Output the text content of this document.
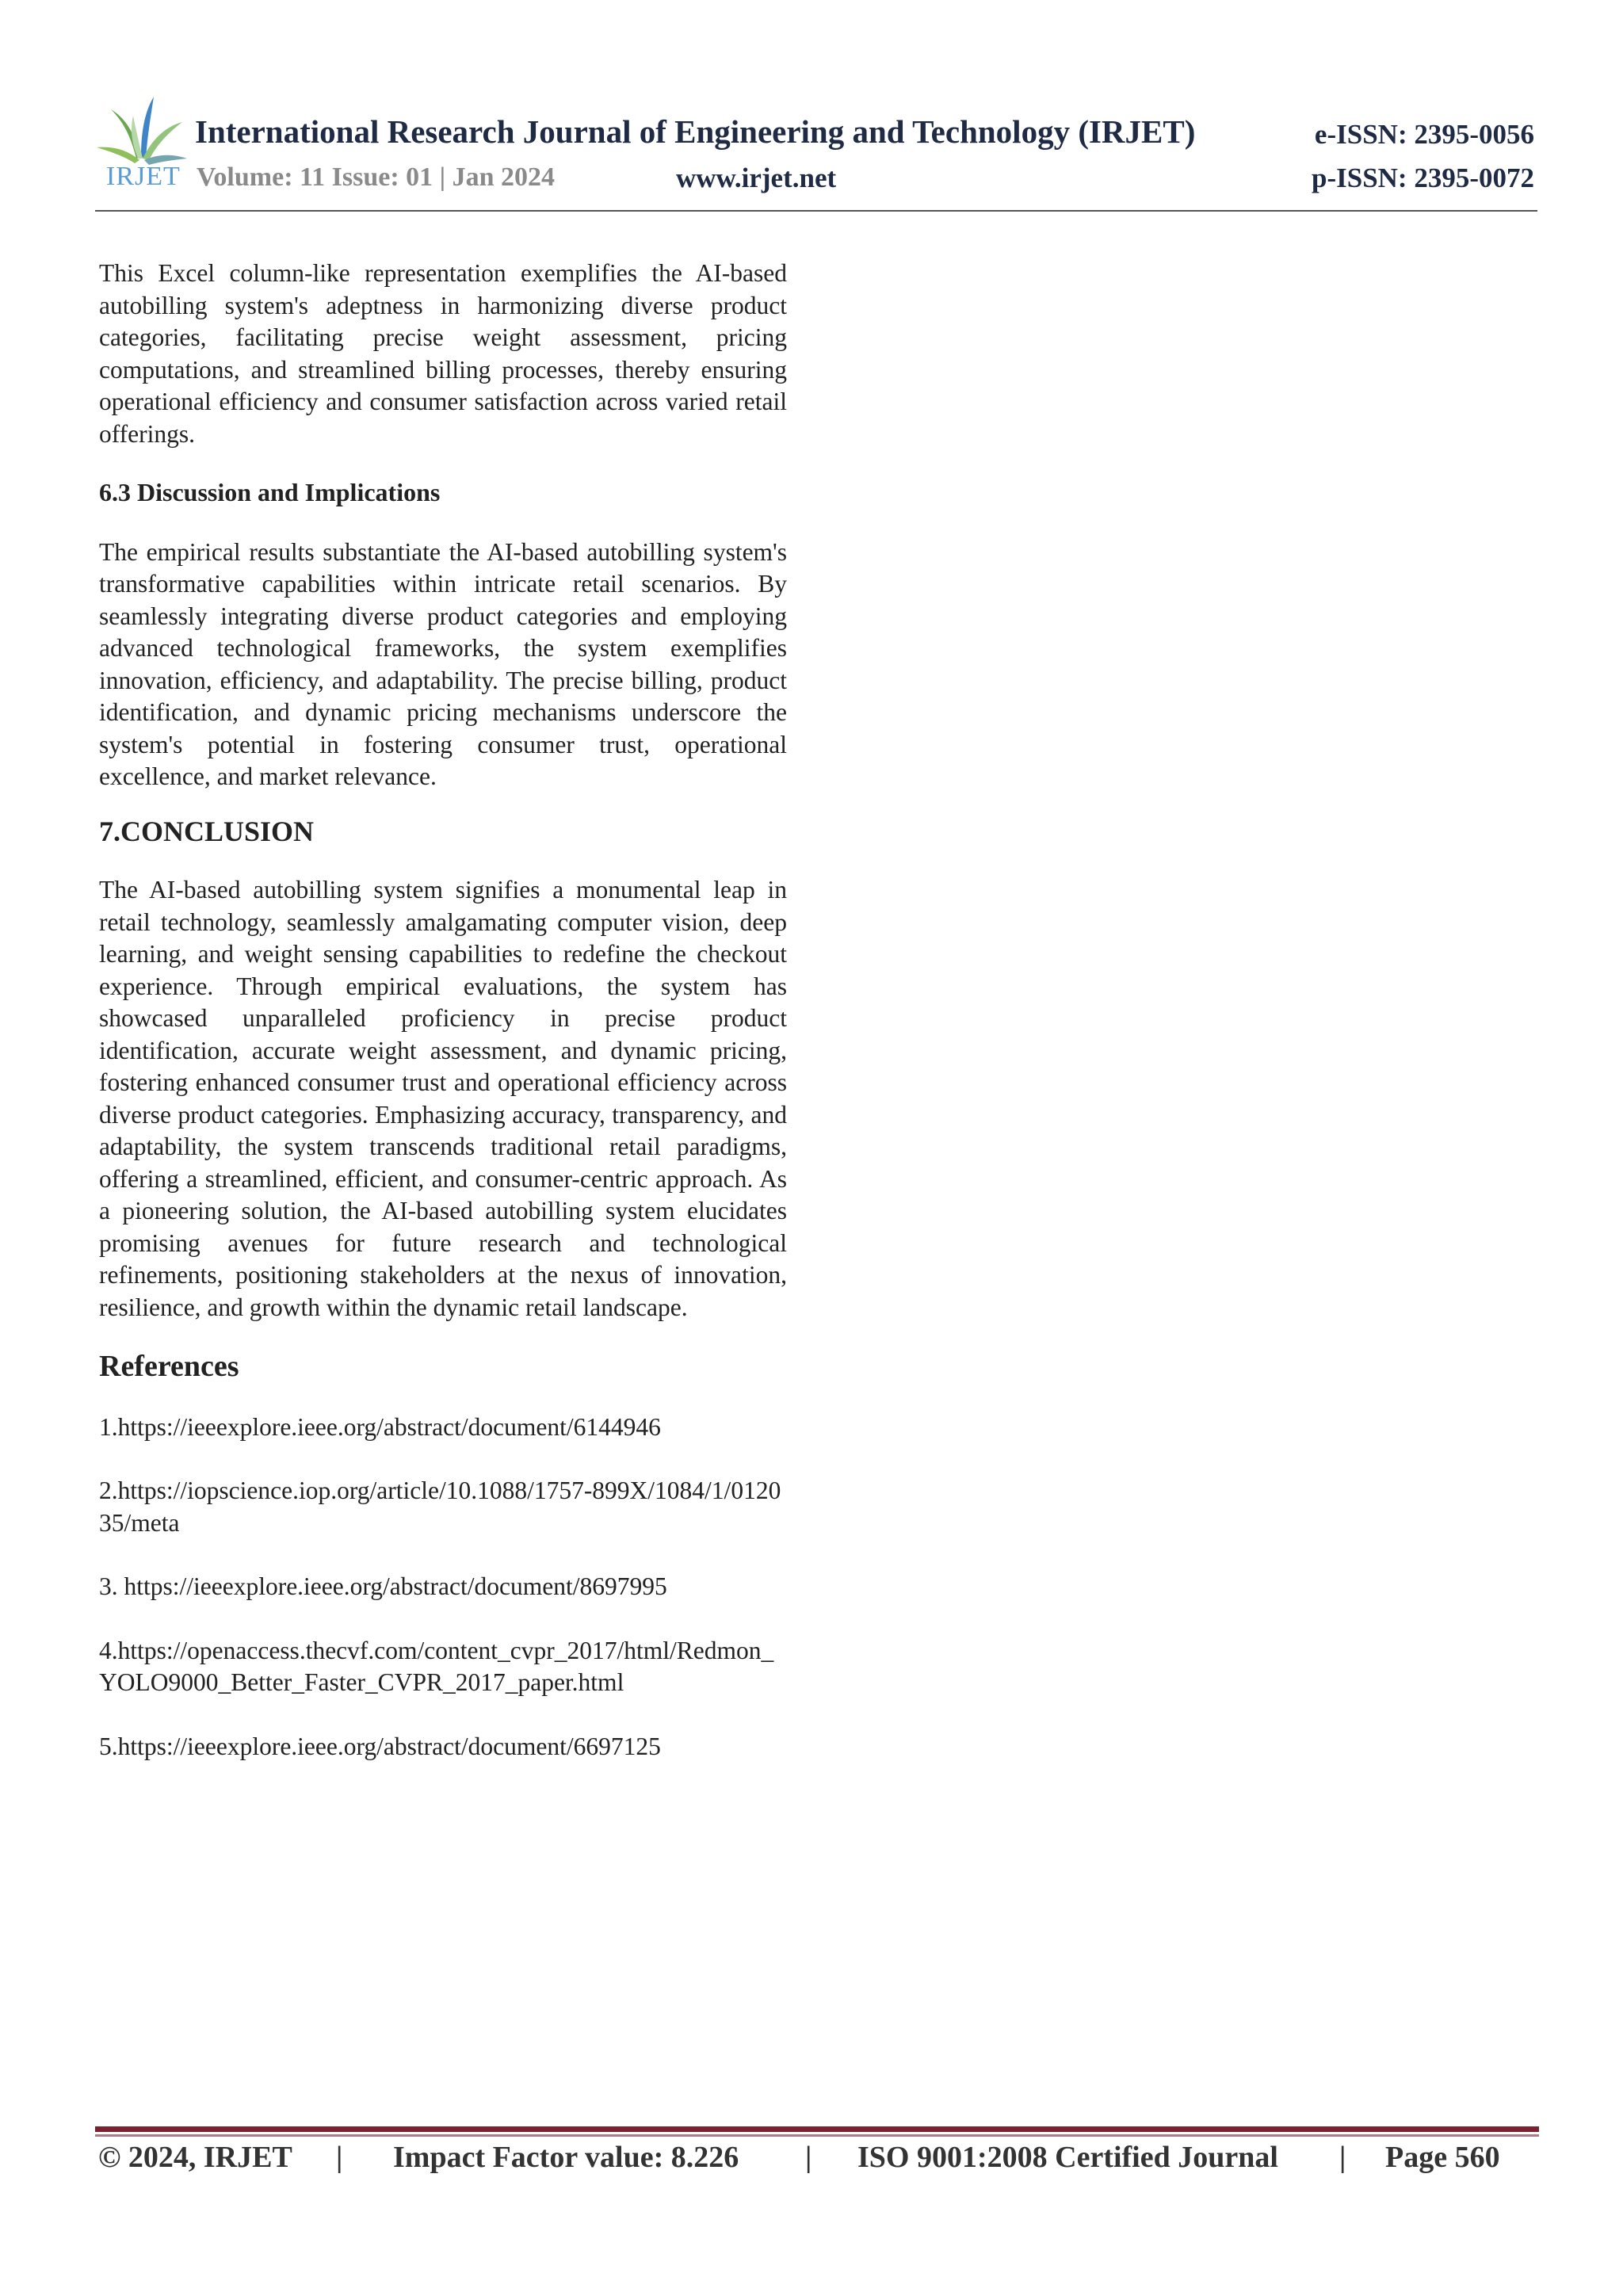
IRJET
International Research Journal of Engineering and Technology (IRJET)	e-ISSN: 2395-0056
Volume: 11 Issue: 01 | Jan 2024	www.irjet.net	p-ISSN: 2395-0072

This Excel column-like representation exemplifies the AI-based autobilling system's adeptness in harmonizing diverse product categories, facilitating precise weight assessment, pricing computations, and streamlined billing processes, thereby ensuring operational efficiency and consumer satisfaction across varied retail offerings.

6.3 Discussion and Implications

The empirical results substantiate the AI-based autobilling system's transformative capabilities within intricate retail scenarios. By seamlessly integrating diverse product categories and employing advanced technological frameworks, the system exemplifies innovation, efficiency, and adaptability. The precise billing, product identification, and dynamic pricing mechanisms underscore the system's potential in fostering consumer trust, operational excellence, and market relevance.

7.CONCLUSION

The AI-based autobilling system signifies a monumental leap in retail technology, seamlessly amalgamating computer vision, deep learning, and weight sensing capabilities to redefine the checkout experience. Through empirical evaluations, the system has showcased unparalleled proficiency in precise product identification, accurate weight assessment, and dynamic pricing, fostering enhanced consumer trust and operational efficiency across diverse product categories. Emphasizing accuracy, transparency, and adaptability, the system transcends traditional retail paradigms, offering a streamlined, efficient, and consumer-centric approach. As a pioneering solution, the AI-based autobilling system elucidates promising avenues for future research and technological refinements, positioning stakeholders at the nexus of innovation, resilience, and growth within the dynamic retail landscape.

References

1.https://ieeexplore.ieee.org/abstract/document/6144946

2.https://iopscience.iop.org/article/10.1088/1757-899X/1084/1/012035/meta

3. https://ieeexplore.ieee.org/abstract/document/8697995

4.https://openaccess.thecvf.com/content_cvpr_2017/html/Redmon_YOLO9000_Better_Faster_CVPR_2017_paper.html

5.https://ieeexplore.ieee.org/abstract/document/6697125

© 2024, IRJET | Impact Factor value: 8.226 | ISO 9001:2008 Certified Journal | Page 560
